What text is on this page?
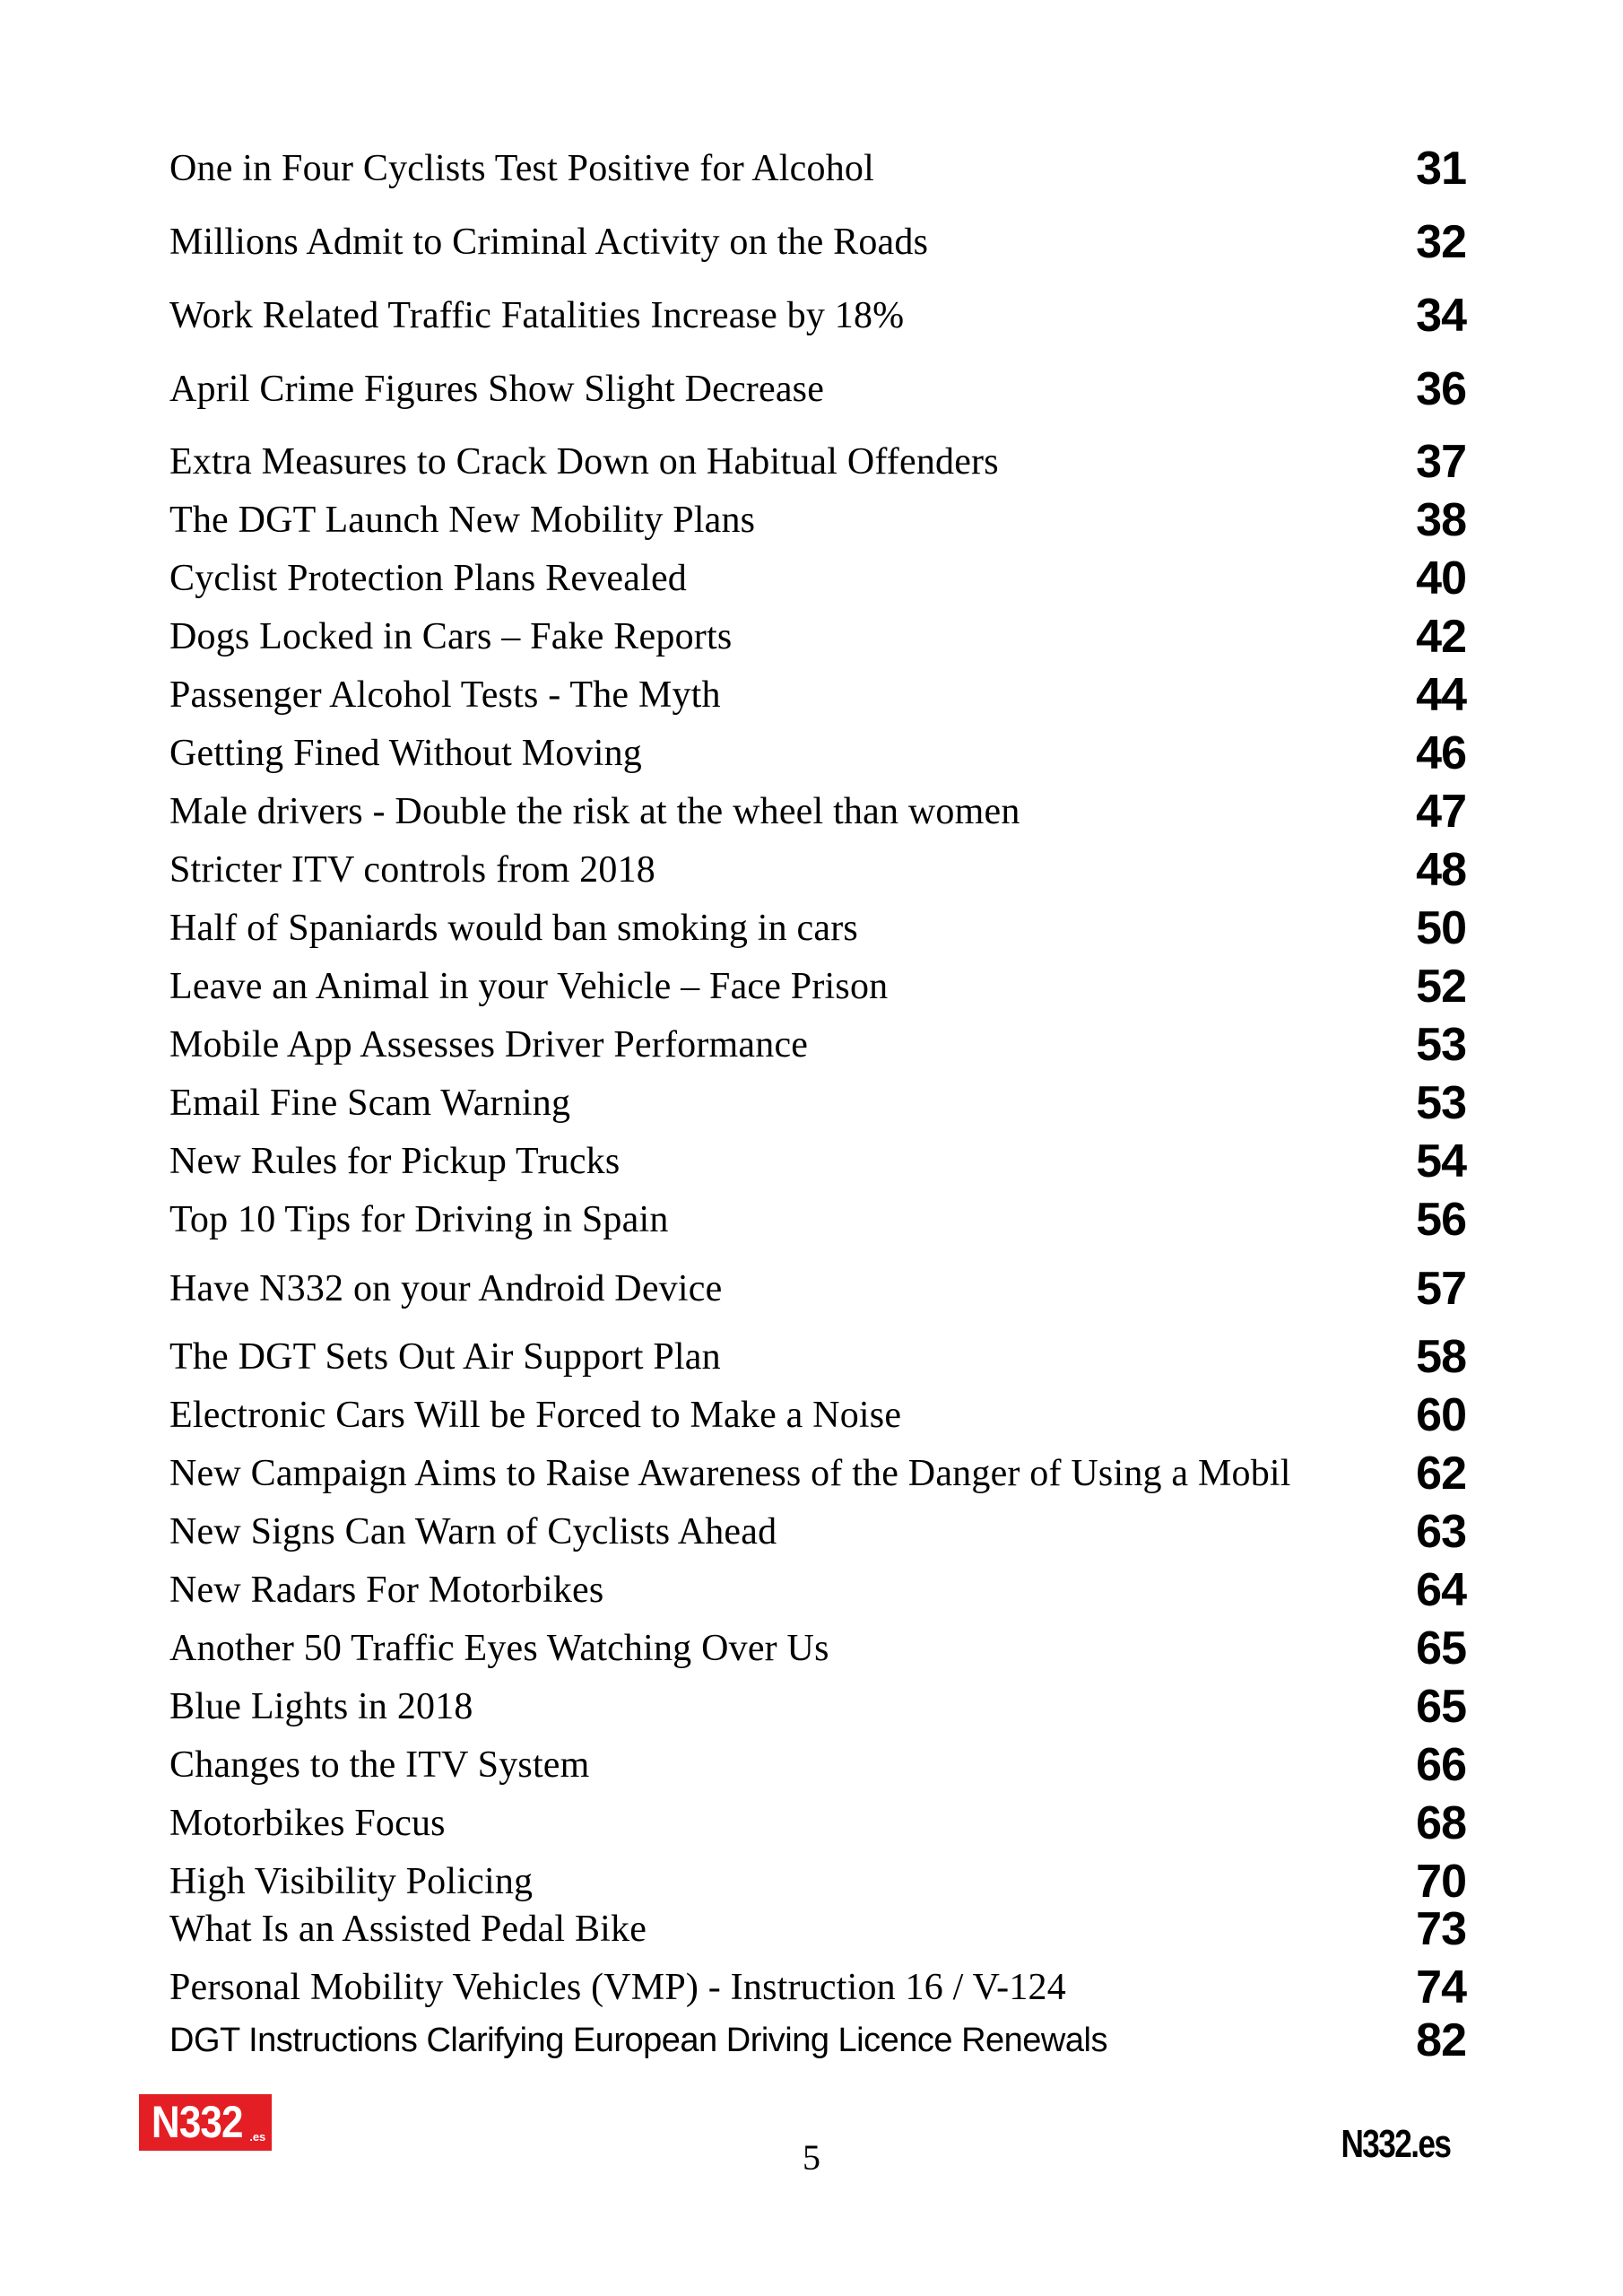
One in Four Cyclists Test Positive for Alcohol	31
Millions Admit to Criminal Activity on the Roads	32
Work Related Traffic Fatalities Increase by 18%	34
April Crime Figures Show Slight Decrease	36
Extra Measures to Crack Down on Habitual Offenders	37
The DGT Launch New Mobility Plans	38
Cyclist Protection Plans Revealed	40
Dogs Locked in Cars – Fake Reports	42
Passenger Alcohol Tests - The Myth	44
Getting Fined Without Moving	46
Male drivers - Double the risk at the wheel than women	47
Stricter ITV controls from 2018	48
Half of Spaniards would ban smoking in cars	50
Leave an Animal in your Vehicle – Face Prison	52
Mobile App Assesses Driver Performance	53
Email Fine Scam Warning	53
New Rules for Pickup Trucks	54
Top 10 Tips for Driving in Spain	56
Have N332 on your Android Device	57
The DGT Sets Out Air Support Plan	58
Electronic Cars Will be Forced to Make a Noise	60
New Campaign Aims to Raise Awareness of the Danger of Using a Mobil	62
New Signs Can Warn of Cyclists Ahead	63
New Radars For Motorbikes	64
Another 50 Traffic Eyes Watching Over Us	65
Blue Lights in 2018	65
Changes to the ITV System	66
Motorbikes Focus	68
High Visibility Policing	70
What Is an Assisted Pedal Bike	73
Personal Mobility Vehicles (VMP) - Instruction 16 / V-124	74
DGT Instructions Clarifying European Driving Licence Renewals	82
N332 .es
5	N332.es
